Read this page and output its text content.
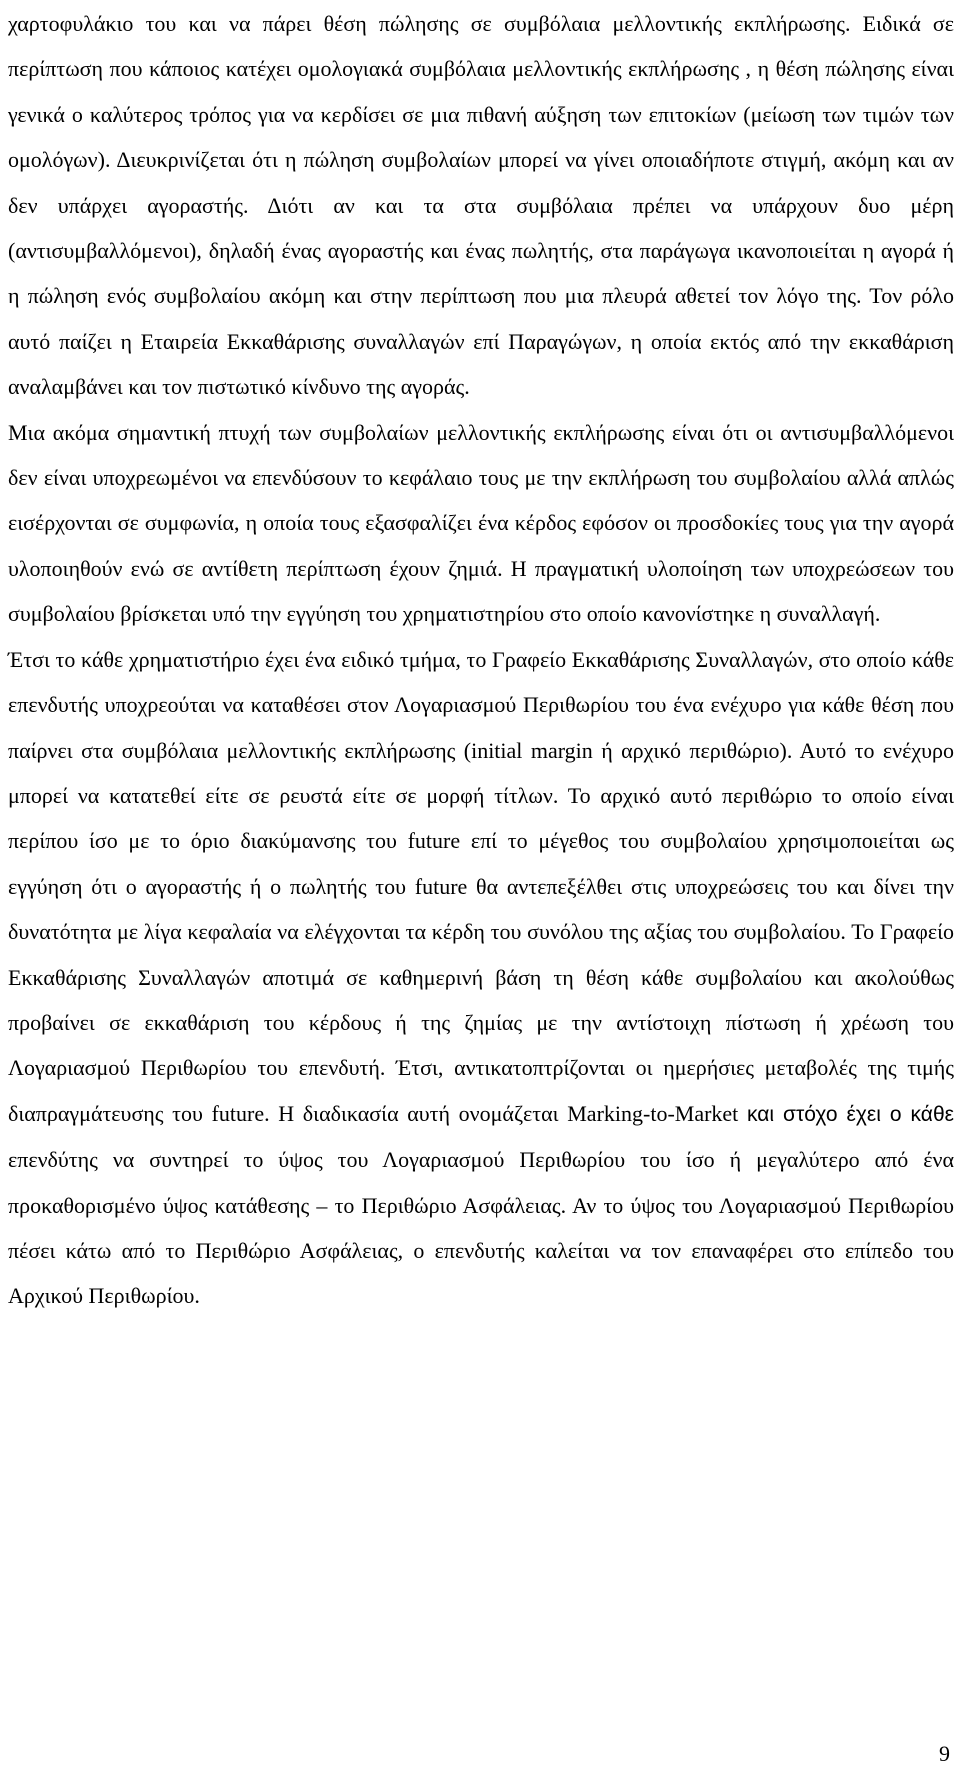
χαρτοφυλάκιο του και να πάρει θέση πώλησης σε συμβόλαια μελλοντικής εκπλήρωσης. Ειδικά σε περίπτωση που κάποιος κατέχει ομολογιακά συμβόλαια μελλοντικής εκπλήρωσης , η θέση πώλησης είναι γενικά ο καλύτερος τρόπος για να κερδίσει σε μια πιθανή αύξηση των επιτοκίων (μείωση των τιμών των ομολόγων). Διευκρινίζεται ότι η πώληση συμβολαίων μπορεί να γίνει οποιαδήποτε στιγμή, ακόμη και αν δεν υπάρχει αγοραστής. Διότι αν και τα στα συμβόλαια πρέπει να υπάρχουν δυο μέρη (αντισυμβαλλόμενοι), δηλαδή ένας αγοραστής και ένας πωλητής, στα παράγωγα ικανοποιείται η αγορά ή η πώληση ενός συμβολαίου ακόμη και στην περίπτωση που μια πλευρά αθετεί τον λόγο της. Τον ρόλο αυτό παίζει η Εταιρεία Εκκαθάρισης συναλλαγών επί Παραγώγων, η οποία εκτός από την εκκαθάριση αναλαμβάνει και τον πιστωτικό κίνδυνο της αγοράς.

Μια ακόμα σημαντική πτυχή των συμβολαίων μελλοντικής εκπλήρωσης είναι ότι οι αντισυμβαλλόμενοι δεν είναι υποχρεωμένοι να επενδύσουν το κεφάλαιο τους με την εκπλήρωση του συμβολαίου αλλά απλώς εισέρχονται σε συμφωνία, η οποία τους εξασφαλίζει ένα κέρδος εφόσον οι προσδοκίες τους για την αγορά υλοποιηθούν ενώ σε αντίθετη περίπτωση έχουν ζημιά. Η πραγματική υλοποίηση των υποχρεώσεων του συμβολαίου βρίσκεται υπό την εγγύηση του χρηματιστηρίου στο οποίο κανονίστηκε η συναλλαγή.

Έτσι το κάθε χρηματιστήριο έχει ένα ειδικό τμήμα, το Γραφείο Εκκαθάρισης Συναλλαγών, στο οποίο κάθε επενδυτής υποχρεούται να καταθέσει στον Λογαριασμού Περιθωρίου του ένα ενέχυρο για κάθε θέση που παίρνει στα συμβόλαια μελλοντικής εκπλήρωσης (initial margin ή αρχικό περιθώριο). Αυτό το ενέχυρο μπορεί να κατατεθεί είτε σε ρευστά είτε σε μορφή τίτλων. Το αρχικό αυτό περιθώριο το οποίο είναι περίπου ίσο με το όριο διακύμανσης του future επί το μέγεθος του συμβολαίου χρησιμοποιείται ως εγγύηση ότι ο αγοραστής ή ο πωλητής του future θα αντεπεξέλθει στις υποχρεώσεις του και δίνει την δυνατότητα με λίγα κεφαλαία να ελέγχονται τα κέρδη του συνόλου της αξίας του συμβολαίου. Το Γραφείο Εκκαθάρισης Συναλλαγών αποτιμά σε καθημερινή βάση τη θέση κάθε συμβολαίου και ακολούθως προβαίνει σε εκκαθάριση του κέρδους ή της ζημίας με την αντίστοιχη πίστωση ή χρέωση του Λογαριασμού Περιθωρίου του επενδυτή. Έτσι, αντικατοπτρίζονται οι ημερήσιες μεταβολές της τιμής διαπραγμάτευσης του future. Η διαδικασία αυτή ονομάζεται Marking-to-Market και στόχο έχει ο κάθε επενδύτης να συντηρεί το ύψος του Λογαριασμού Περιθωρίου του ίσο ή μεγαλύτερο από ένα προκαθορισμένο ύψος κατάθεσης – το Περιθώριο Ασφάλειας. Αν το ύψος του Λογαριασμού Περιθωρίου πέσει κάτω από το Περιθώριο Ασφάλειας, ο επενδυτής καλείται να τον επαναφέρει στο επίπεδο του Αρχικού Περιθωρίου.

9
